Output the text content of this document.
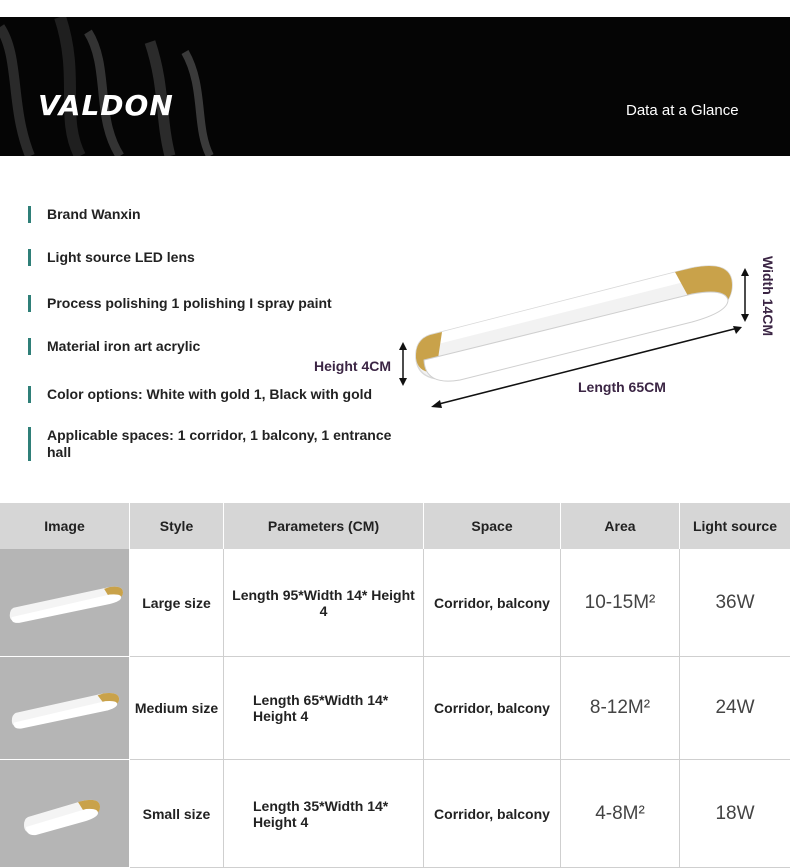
VALDON	Data at a Glance
Brand Wanxin
Light source LED lens
Process polishing 1 polishing I spray paint
Material iron art acrylic
Color options: White with gold 1, Black with gold
Applicable spaces: 1 corridor, 1 balcony, 1 entrance hall
Height 4CM
Length 65CM
Width 14CM
Image	Style	Parameters (CM)	Space	Area	Light source
Large size	Length 95*Width 14* Height 4	Corridor, balcony	10-15M²	36W
Medium size	Length 65*Width 14* Height 4	Corridor, balcony	8-12M²	24W
Small size	Length 35*Width 14* Height 4	Corridor, balcony	4-8M²	18W
